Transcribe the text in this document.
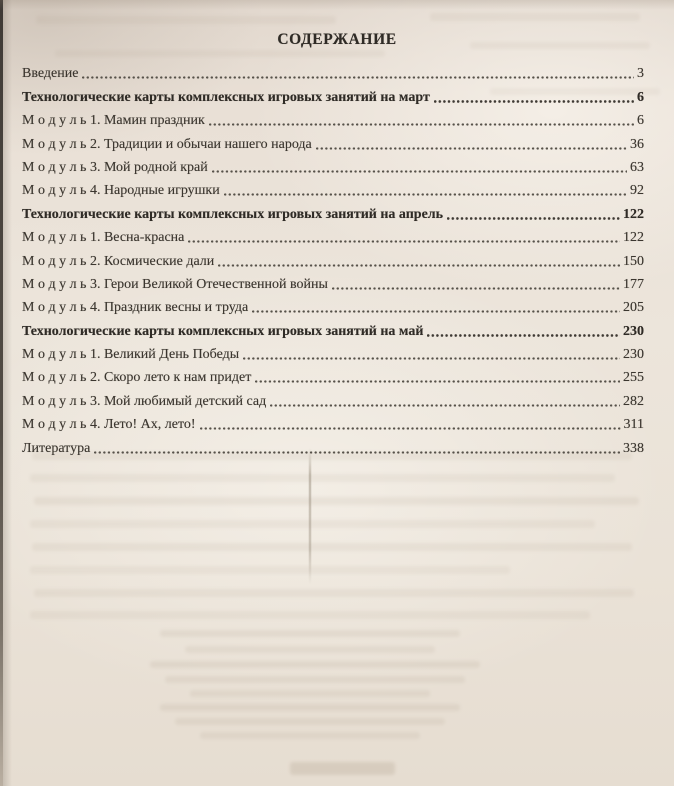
СОДЕРЖАНИЕ
Введение	3
Технологические карты комплексных игровых занятий на март	6
М о д у л ь 1. Мамин праздник	6
М о д у л ь 2. Традиции и обычаи нашего народа	36
М о д у л ь 3. Мой родной край	63
М о д у л ь 4. Народные игрушки	92
Технологические карты комплексных игровых занятий на апрель	122
М о д у л ь 1. Весна-красна	122
М о д у л ь 2. Космические дали	150
М о д у л ь 3. Герои Великой Отечественной войны	177
М о д у л ь 4. Праздник весны и труда	205
Технологические карты комплексных игровых занятий на май	230
М о д у л ь 1. Великий День Победы	230
М о д у л ь 2. Скоро лето к нам придет	255
М о д у л ь 3. Мой любимый детский сад	282
М о д у л ь 4. Лето! Ах, лето!	311
Литература	338
